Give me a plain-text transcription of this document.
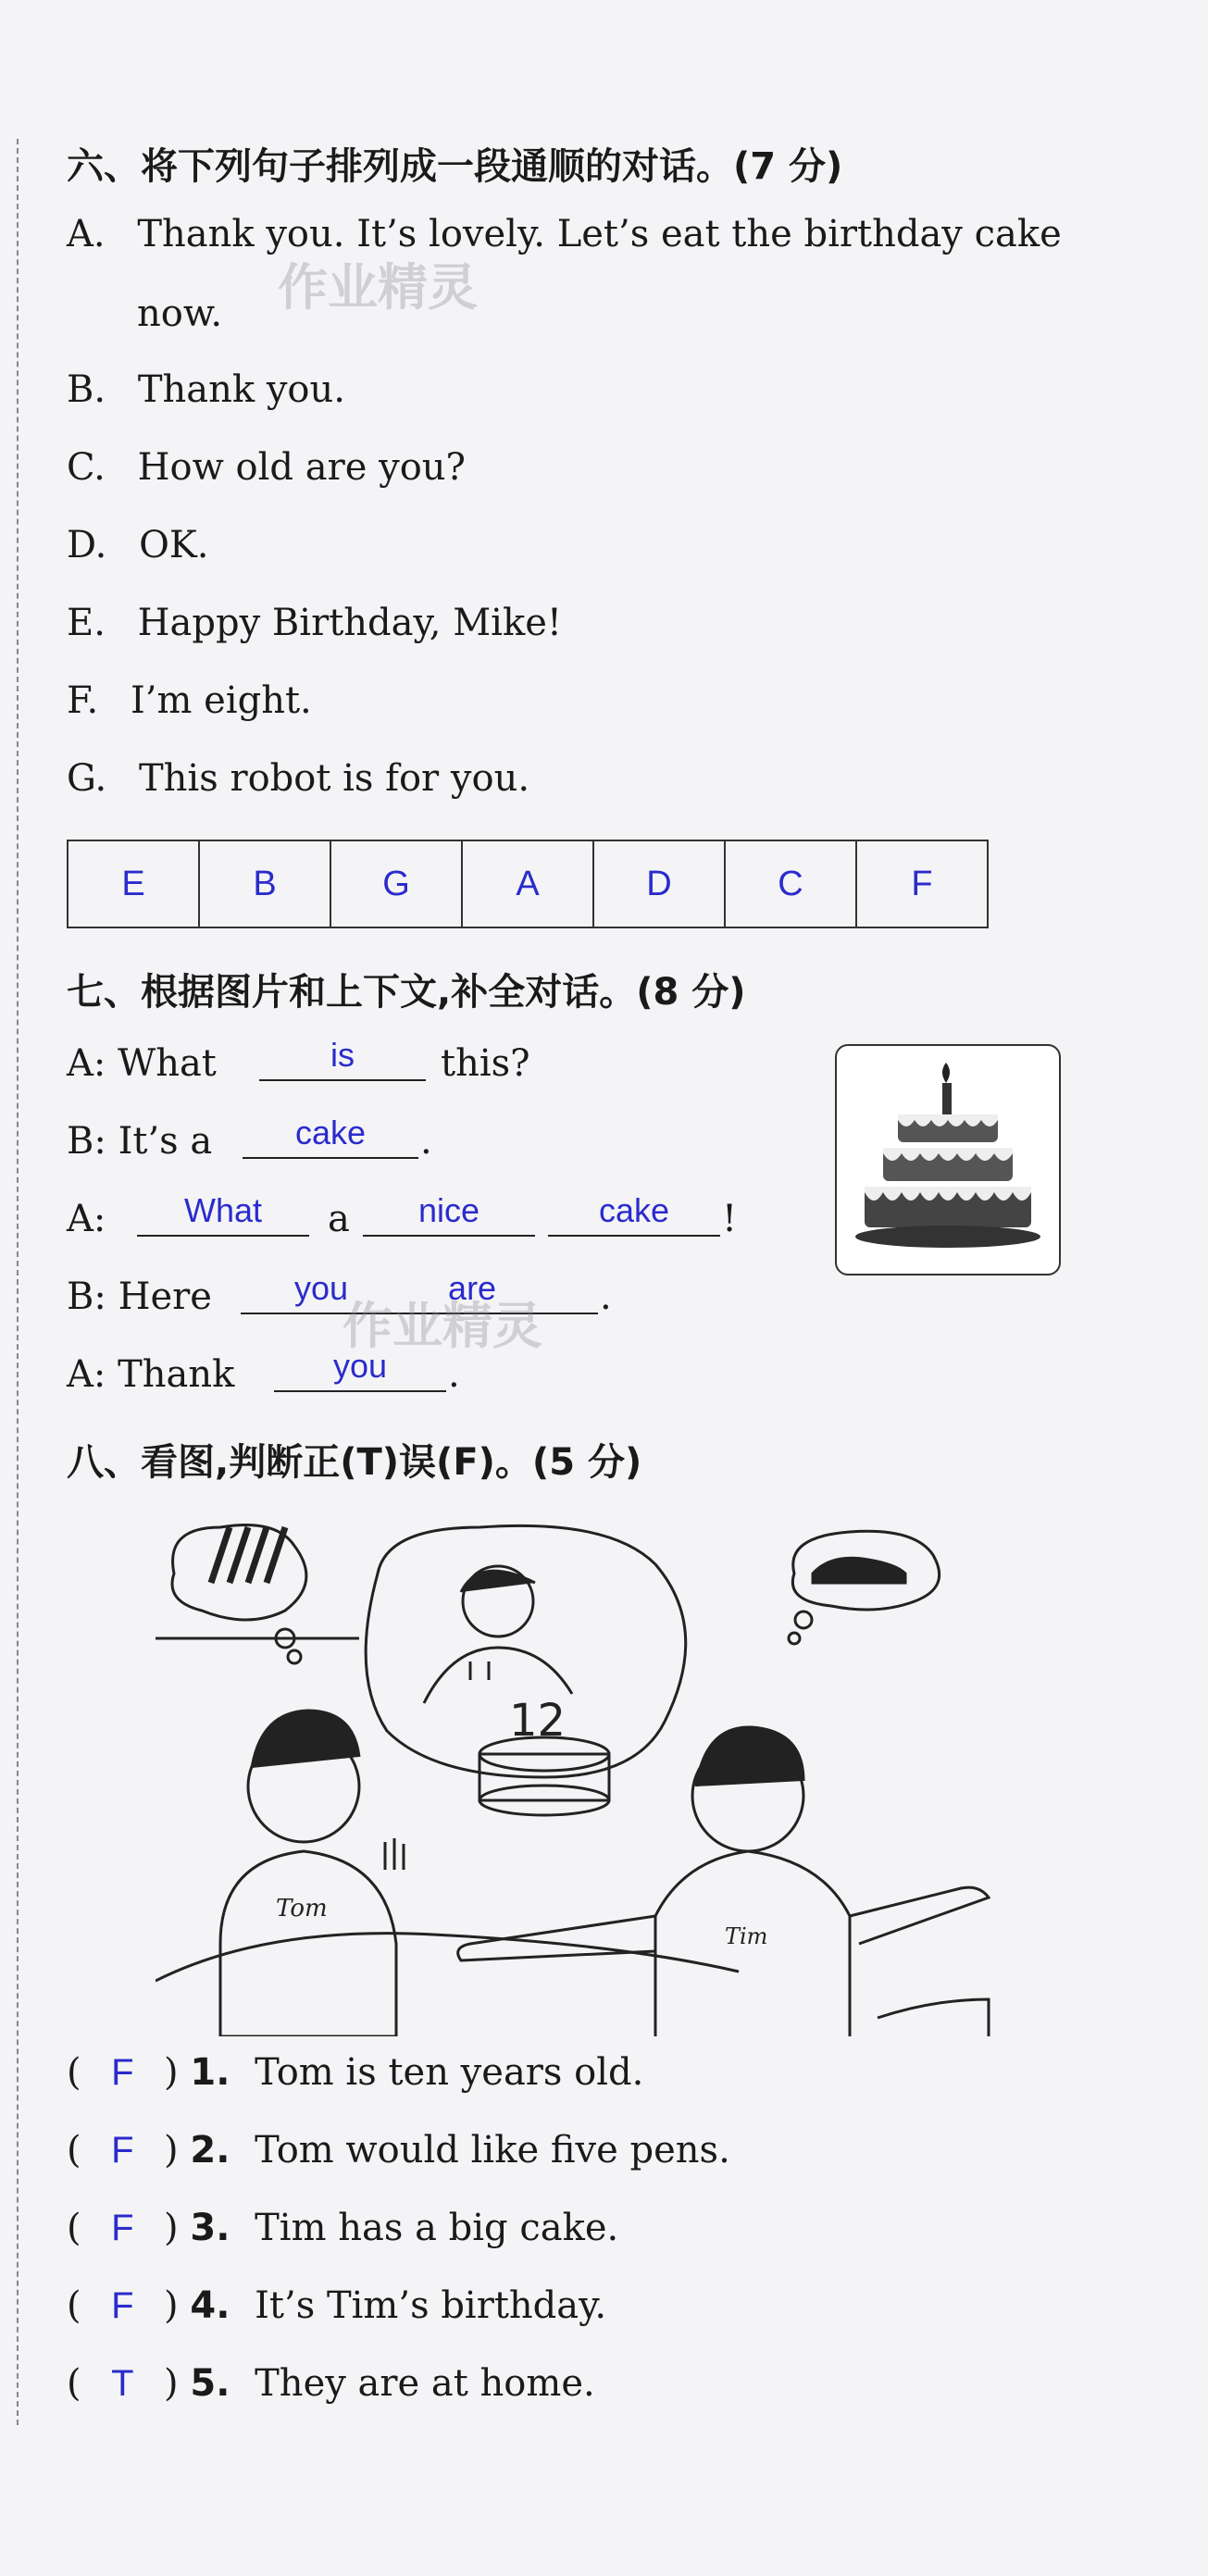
六、将下列句子排列成一段通顺的对话。(7 分)
A. Thank you. It’s lovely. Let’s eat the birthday cake
now.
B. Thank you.
C. How old are you?
D. OK.
E. Happy Birthday, Mike!
F. I’m eight.
G. This robot is for you.
E	B	G	A	D	C	F
七、根据图片和上下文,补全对话。(8 分)
A: What	is	this?
B: It’s a	cake	.
A:	What	a	nice	cake	!
B: Here	you	are	.
A: Thank	you	.
八、看图,判断正(T)误(F)。(5 分)
12
Tom
Tim
( F ) 1. Tom is ten years old.
( F ) 2. Tom would like five pens.
( F ) 3. Tim has a big cake.
( F ) 4. It’s Tim’s birthday.
( T ) 5. They are at home.
作业精灵
作业精灵
